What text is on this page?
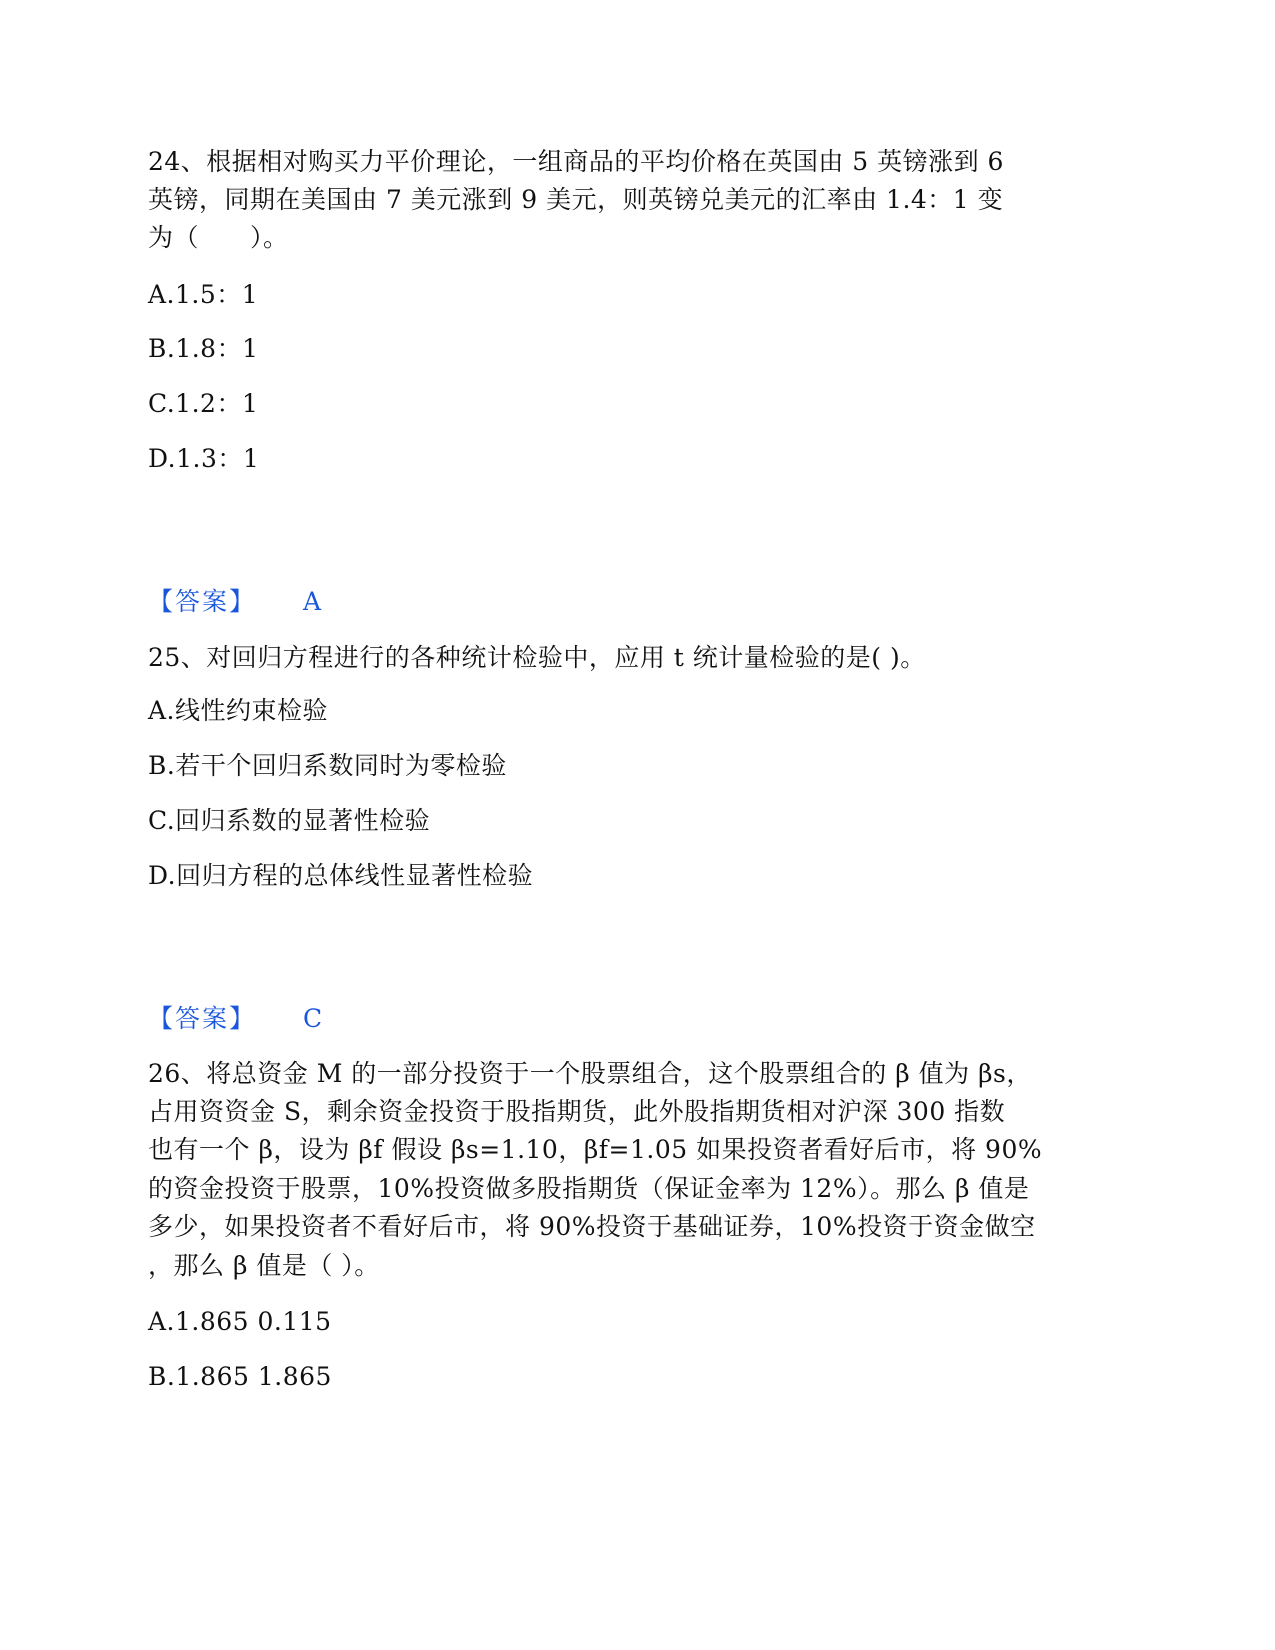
24、根据相对购买力平价理论，一组商品的平均价格在英国由 5 英镑涨到 6
英镑，同期在美国由 7 美元涨到 9 美元，则英镑兑美元的汇率由 1.4：1 变
为（　　）。
A.1.5：1
B.1.8：1
C.1.2：1
D.1.3：1
【答案】 A
25、对回归方程进行的各种统计检验中，应用 t 统计量检验的是( )。
A.线性约束检验
B.若干个回归系数同时为零检验
C.回归系数的显著性检验
D.回归方程的总体线性显著性检验
【答案】 C
26、将总资金 M 的一部分投资于一个股票组合，这个股票组合的 β 值为 βs，
占用资资金 S，剩余资金投资于股指期货，此外股指期货相对沪深 300 指数
也有一个 β，设为 βf 假设 βs=1.10，βf=1.05 如果投资者看好后市，将 90%
的资金投资于股票，10%投资做多股指期货（保证金率为 12%）。那么 β 值是
多少，如果投资者不看好后市，将 90%投资于基础证券，10%投资于资金做空
，那么 β 值是（ ）。
A.1.865 0.115
B.1.865 1.865
